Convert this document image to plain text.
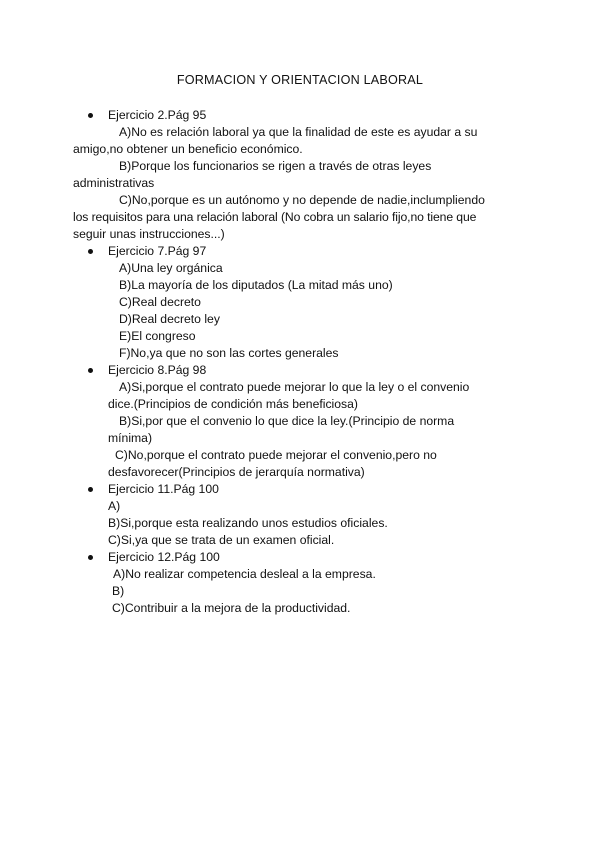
FORMACION Y ORIENTACION LABORAL
Ejercicio 2.Pág 95
A)No es relación laboral ya que la finalidad de este es ayudar a su
amigo,no obtener un beneficio económico.
B)Porque los funcionarios se rigen a través de otras leyes
administrativas
C)No,porque es un autónomo y no depende de nadie,inclumpliendo
los requisitos para una relación laboral (No cobra un salario fijo,no tiene que
seguir unas instrucciones...)
Ejercicio 7.Pág 97
A)Una ley orgánica
B)La mayoría de los diputados (La mitad más uno)
C)Real decreto
D)Real decreto ley
E)El congreso
F)No,ya que no son las cortes generales
Ejercicio 8.Pág 98
A)Si,porque el contrato puede mejorar lo que la ley o el convenio
dice.(Principios de condición más beneficiosa)
B)Si,por que el convenio lo que dice la ley.(Principio de norma
mínima)
C)No,porque el contrato puede mejorar el convenio,pero no
desfavorecer(Principios de jerarquía normativa)
Ejercicio 11.Pág 100
A)
B)Si,porque esta realizando unos estudios oficiales.
C)Si,ya que se trata de un examen oficial.
Ejercicio 12.Pág 100
A)No realizar competencia desleal a la empresa.
B)
C)Contribuir a la mejora de la productividad.
